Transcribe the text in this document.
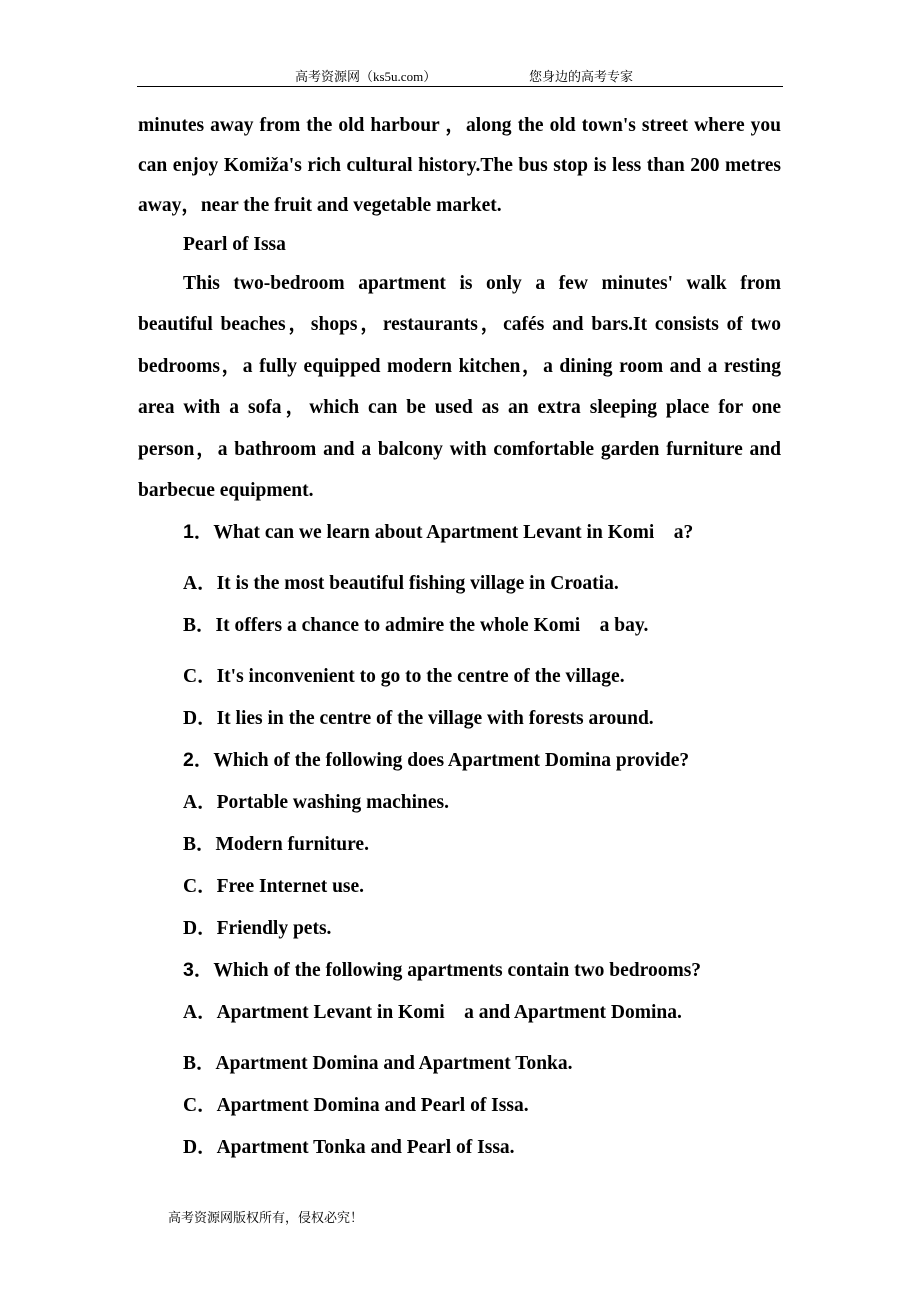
高考资源网（ks5u.com）	您身边的高考专家
minutes away from the old harbour ，along the old town's street where you can enjoy Komiža's rich cultural history.The bus stop is less than 200 metres away，near the fruit and vegetable market.
Pearl of Issa
This two-bedroom apartment is only a few minutes' walk from beautiful beaches，shops，restaurants，cafés and bars.It consists of two bedrooms，a fully equipped modern kitchen，a dining room and a resting area with a sofa，which can be used as an extra sleeping place for one person，a bathroom and a balcony with comfortable garden furniture and barbecue equipment.
1．What can we learn about Apartment Levant in Komi　a?
A．It is the most beautiful fishing village in Croatia.
B．It offers a chance to admire the whole Komi　a bay.
C．It's inconvenient to go to the centre of the village.
D．It lies in the centre of the village with forests around.
2．Which of the following does Apartment Domina provide?
A．Portable washing machines.
B．Modern furniture.
C．Free Internet use.
D．Friendly pets.
3．Which of the following apartments contain two bedrooms?
A．Apartment Levant in Komi　a and Apartment Domina.
B．Apartment Domina and Apartment Tonka.
C．Apartment Domina and Pearl of Issa.
D．Apartment Tonka and Pearl of Issa.
高考资源网版权所有，侵权必究！
